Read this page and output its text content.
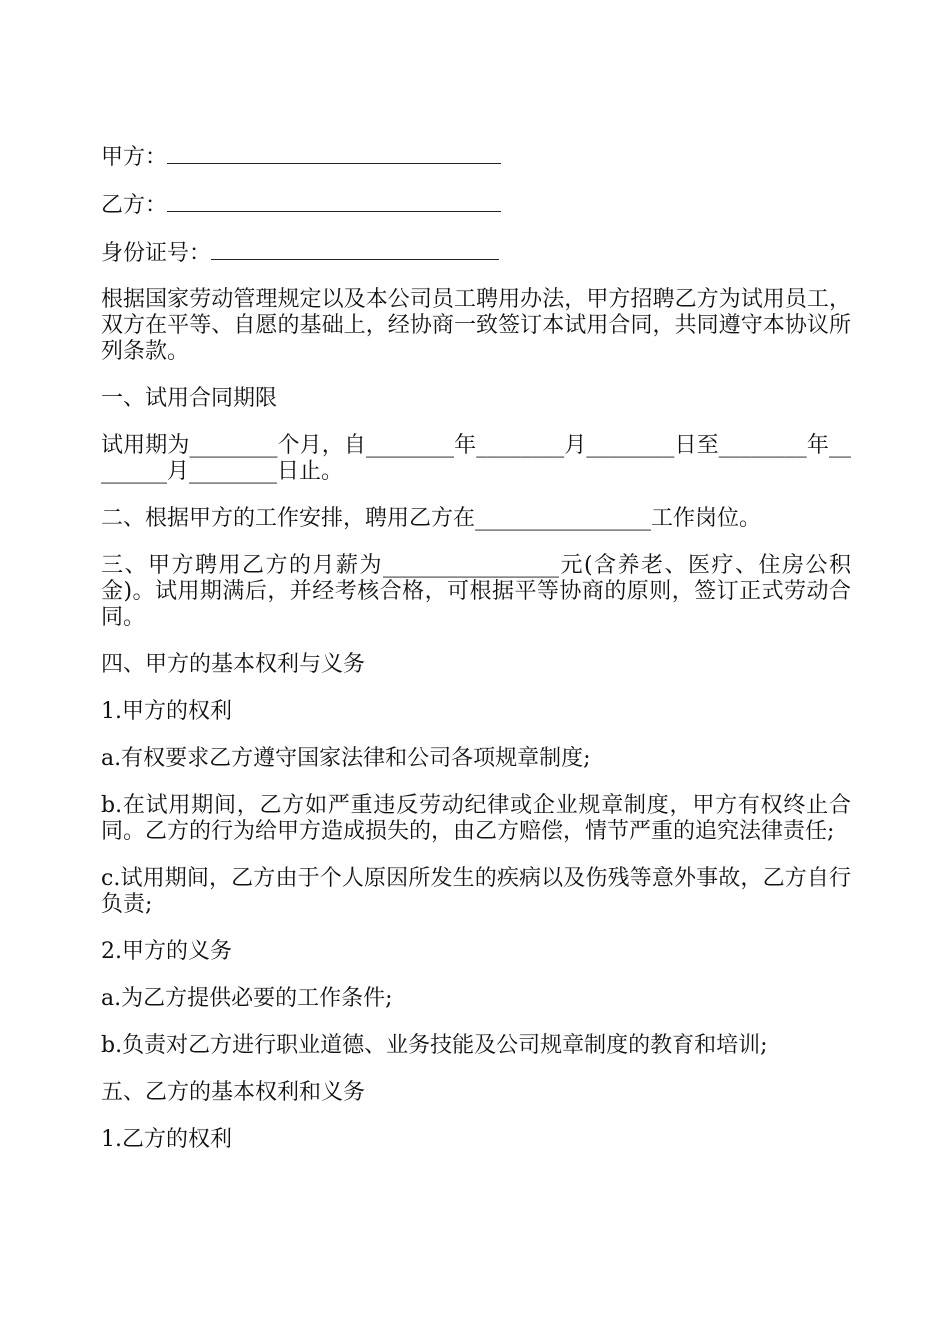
甲方：
乙方：
身份证号：

根据国家劳动管理规定以及本公司员工聘用办法，甲方招聘乙方为试用员工，双方在平等、自愿的基础上，经协商一致签订本试用合同，共同遵守本协议所列条款。

一、试用合同期限

试用期为________个月，自________年________月________日至________年________月________日止。

二、根据甲方的工作安排，聘用乙方在________________工作岗位。

三、甲方聘用乙方的月薪为________________元(含养老、医疗、住房公积金)。试用期满后，并经考核合格，可根据平等协商的原则，签订正式劳动合同。

四、甲方的基本权利与义务

1.甲方的权利

a.有权要求乙方遵守国家法律和公司各项规章制度;

b.在试用期间，乙方如严重违反劳动纪律或企业规章制度，甲方有权终止合同。乙方的行为给甲方造成损失的，由乙方赔偿，情节严重的追究法律责任;

c.试用期间，乙方由于个人原因所发生的疾病以及伤残等意外事故，乙方自行负责;

2.甲方的义务

a.为乙方提供必要的工作条件;

b.负责对乙方进行职业道德、业务技能及公司规章制度的教育和培训;

五、乙方的基本权利和义务

1.乙方的权利
